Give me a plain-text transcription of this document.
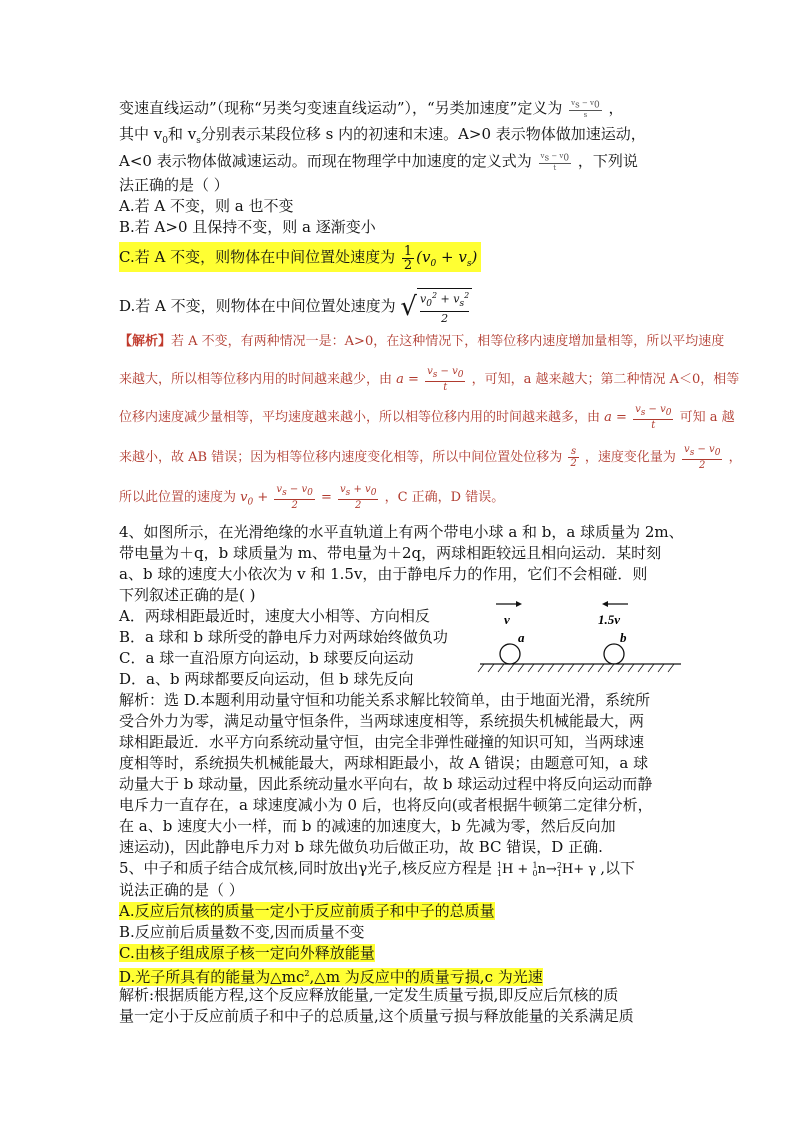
变速直线运动”（现称“另类匀变速直线运动”），“另类加速度”定义为 $\frac{vs - v0}{s}$ ，
其中 $v_0$和 $v_s$分别表示某段位移 s 内的初速和末速。A>0 表示物体做加速运动，
A<0 表示物体做减速运动。而现在物理学中加速度的定义式为 $\frac{vs - v0}{t}$ ，下列说
法正确的是（ ）
A.若 A 不变，则 a 也不变
B.若 A>0 且保持不变，则 a 逐渐变小
C.若 A 不变，则物体在中间位置处速度为 $\frac{1}{2} (v_0 + v_s)$
D.若 A 不变，则物体在中间位置处速度为 √ $\frac{v_0^2 + v_s^2}{2}$
【解析】若 A 不变，有两种情况一是：A>0，在这种情况下，相等位移内速度增加量相等，所以平均速度
来越大，所以相等位移内用的时间越来越少，由 $a = \frac{vs - v0}{t}$ ，可知，a 越来越大；第二种情况 A＜0，相等
位移内速度减少量相等，平均速度越来越小，所以相等位移内用的时间越来越多，由 $a = \frac{vs - v0}{t}$ 可知 a 越
来越小，故 AB 错误；因为相等位移内速度变化相等，所以中间位置处位移为 $\frac{s}{2}$ ，速度变化量为 $\frac{vs - v0}{2}$ ，
所以此位置的速度为 $v_0 + \frac{vs - v0}{2} = \frac{vs + v0}{2}$ ，C 正确，D 错误。
4、如图所示，在光滑绝缘的水平直轨道上有两个带电小球 a 和 b，a 球质量为 2m、
带电量为＋q，b 球质量为 m、带电量为＋2q，两球相距较远且相向运动．某时刻
a、b 球的速度大小依次为 v 和 1.5v，由于静电斥力的作用，它们不会相碰．则
下列叙述正确的是( )
A．两球相距最近时，速度大小相等、方向相反
B．a 球和 b 球所受的静电斥力对两球始终做负功
C．a 球一直沿原方向运动，b 球要反向运动
D．a、b 两球都要反向运动，但 b 球先反向
v	1.5v
a	b
解析：选 D.本题利用动量守恒和功能关系求解比较简单，由于地面光滑，系统所
受合外力为零，满足动量守恒条件，当两球速度相等，系统损失机械能最大，两
球相距最近．水平方向系统动量守恒，由完全非弹性碰撞的知识可知，当两球速
度相等时，系统损失机械能最大，两球相距最小，故 A 错误；由题意可知，a 球
动量大于 b 球动量，因此系统动量水平向右，故 b 球运动过程中将反向运动而静
电斥力一直存在，a 球速度减小为 0 后，也将反向(或者根据牛顿第二定律分析，
在 a、b 速度大小一样，而 b 的减速的加速度大，b 先减为零，然后反向加
速运动)，因此静电斥力对 b 球先做负功后做正功，故 BC 错误，D 正确.
5、中子和质子结合成氘核,同时放出γ光子,核反应方程是 1
1 H + 1
0 n→ 2
1 H+ γ ,以下
说法正确的是（ ）
A.反应后氘核的质量一定小于反应前质子和中子的总质量
B.反应前后质量数不变,因而质量不变
C.由核子组成原子核一定向外释放能量
D.光子所具有的能量为$\triangle mc^2,\triangle m$ 为反应中的质量亏损,c 为光速
解析:根据质能方程,这个反应释放能量,一定发生质量亏损,即反应后氘核的质
量一定小于反应前质子和中子的总质量,这个质量亏损与释放能量的关系满足质
